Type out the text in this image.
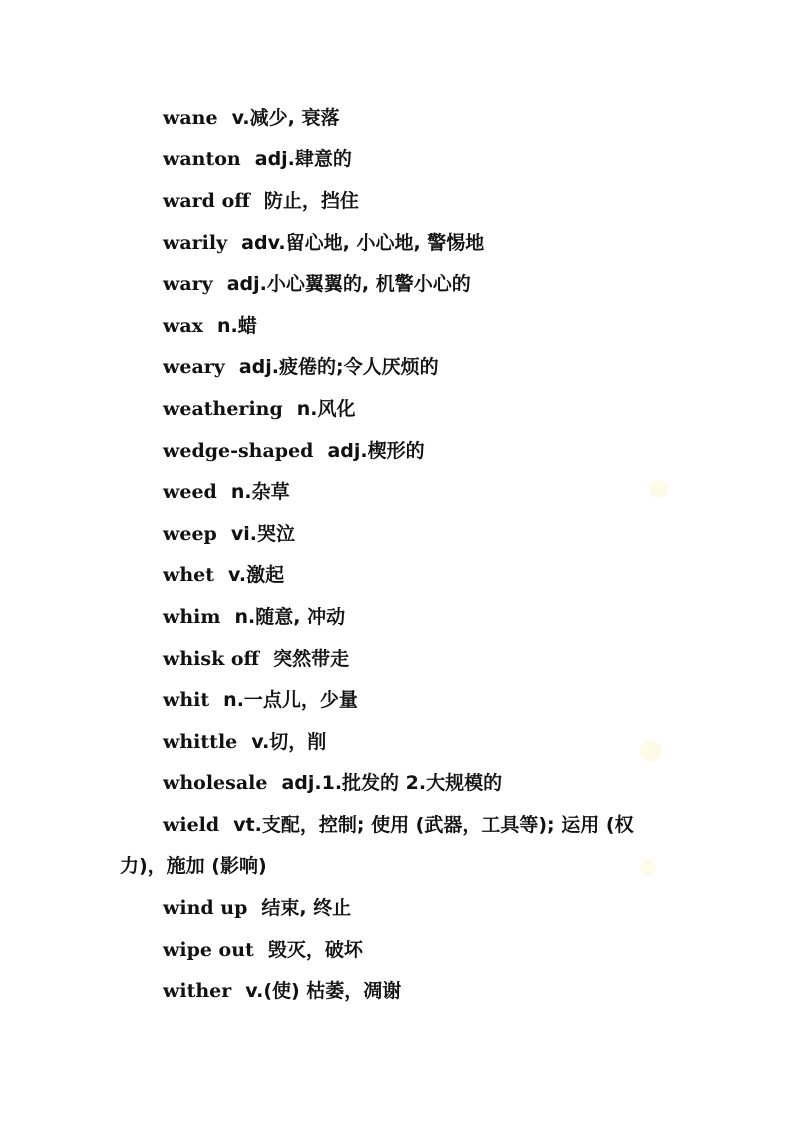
wane v.减少, 衰落
wanton adj.肆意的
ward off 防止，挡住
warily adv.留心地, 小心地, 警惕地
wary adj.小心翼翼的, 机警小心的
wax n.蜡
weary adj.疲倦的;令人厌烦的
weathering n.风化
wedge-shaped adj.楔形的
weed n.杂草
weep vi.哭泣
whet v.激起
whim n.随意, 冲动
whisk off 突然带走
whit n.一点儿，少量
whittle v.切，削
wholesale adj.1.批发的 2.大规模的
wield vt.支配，控制; 使用 (武器，工具等); 运用 (权
力)，施加 (影响)
wind up 结束, 终止
wipe out 毁灭，破坏
wither v.(使) 枯萎，凋谢
